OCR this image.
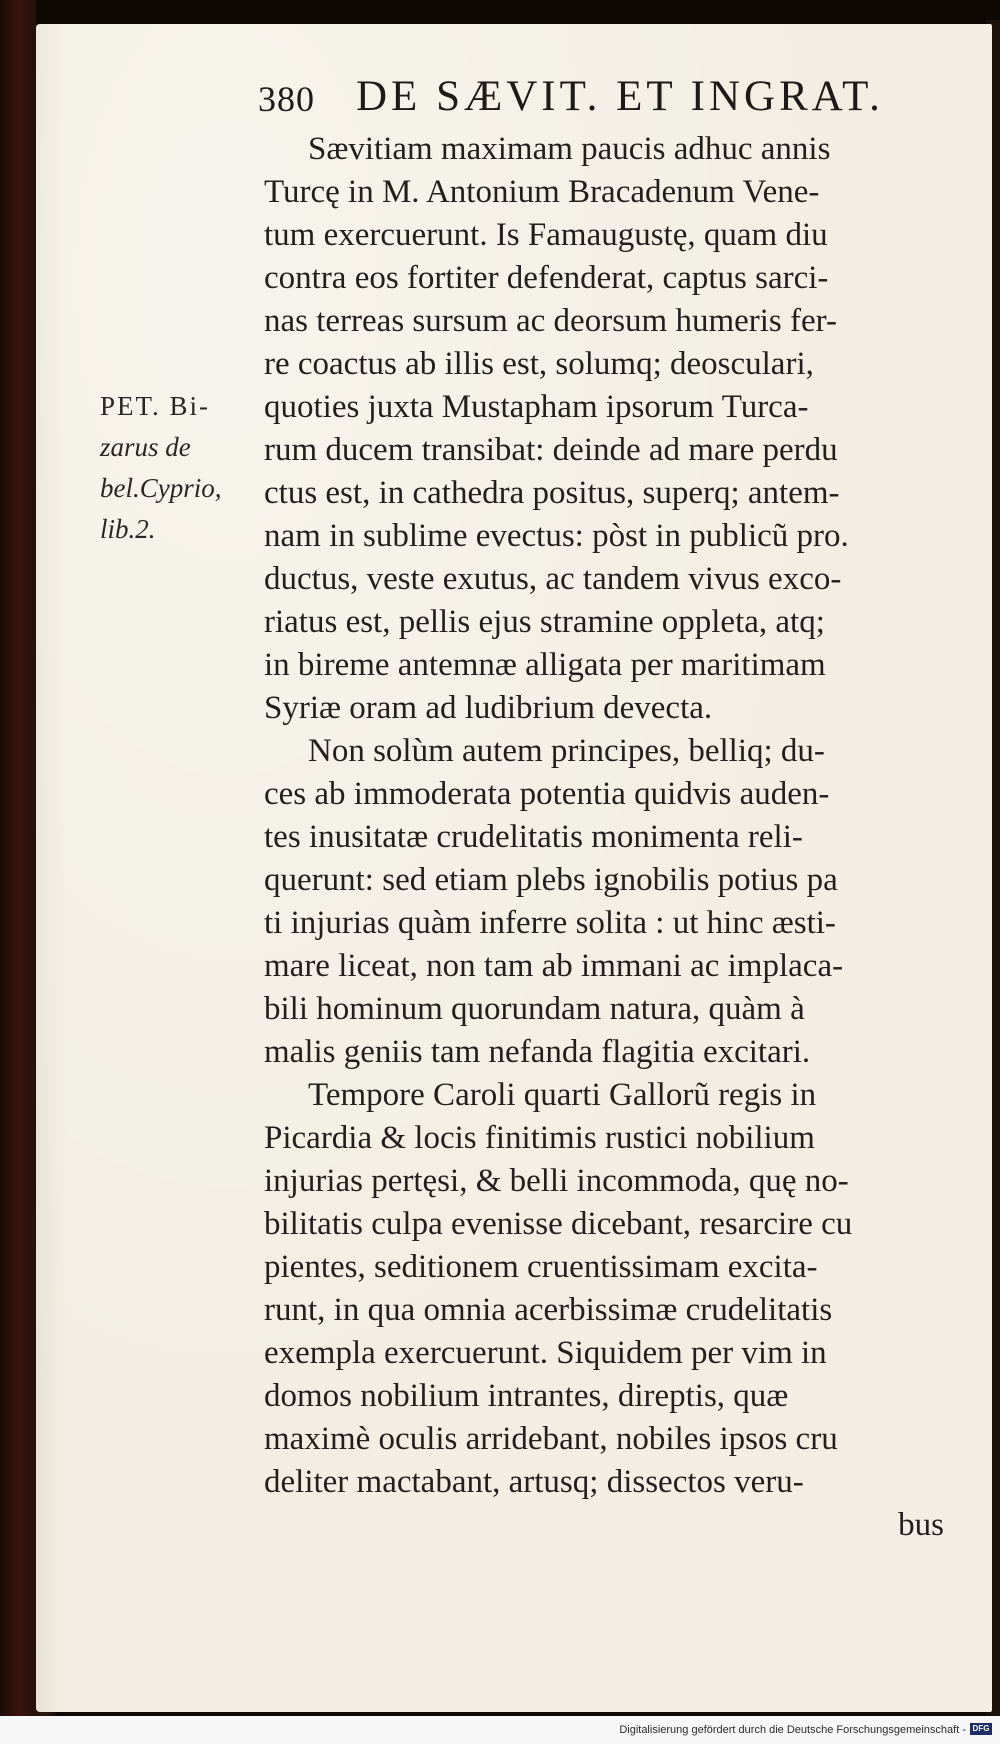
380 DE SÆVIT. ET INGRAT.
PET. Bi-
zarus de
bel.Cyprio,
lib.2.
Sævitiam maximam paucis adhuc annis
Turcę in M. Antonium Bracadenum Vene-
tum exercuerunt. Is Famaugustę, quam diu
contra eos fortiter defenderat, captus sarci-
nas terreas sursum ac deorsum humeris fer-
re coactus ab illis est, solumq; deosculari,
quoties juxta Mustapham ipsorum Turca-
rum ducem transibat: deinde ad mare perdu
ctus est, in cathedra positus, superq; antem-
nam in sublime evectus: pòst in publicũ pro.
ductus, veste exutus, ac tandem vivus exco-
riatus est, pellis ejus stramine oppleta, atq;
in bireme antemnæ alligata per maritimam
Syriæ oram ad ludibrium devecta.
Non solùm autem principes, belliq; du-
ces ab immoderata potentia quidvis auden-
tes inusitatæ crudelitatis monimenta reli-
querunt: sed etiam plebs ignobilis potius pa
ti injurias quàm inferre solita : ut hinc æsti-
mare liceat, non tam ab immani ac implaca-
bili hominum quorundam natura, quàm à
malis geniis tam nefanda flagitia excitari.
Tempore Caroli quarti Gallorũ regis in
Picardia & locis finitimis rustici nobilium
injurias pertęsi, & belli incommoda, quę no-
bilitatis culpa evenisse dicebant, resarcire cu
pientes, seditionem cruentissimam excita-
runt, in qua omnia acerbissimæ crudelitatis
exempla exercuerunt. Siquidem per vim in
domos nobilium intrantes, direptis, quæ
maximè oculis arridebant, nobiles ipsos cru
deliter mactabant, artusq; dissectos veru-
bus
Digitalisierung gefördert durch die Deutsche Forschungsgemeinschaft - DFG
